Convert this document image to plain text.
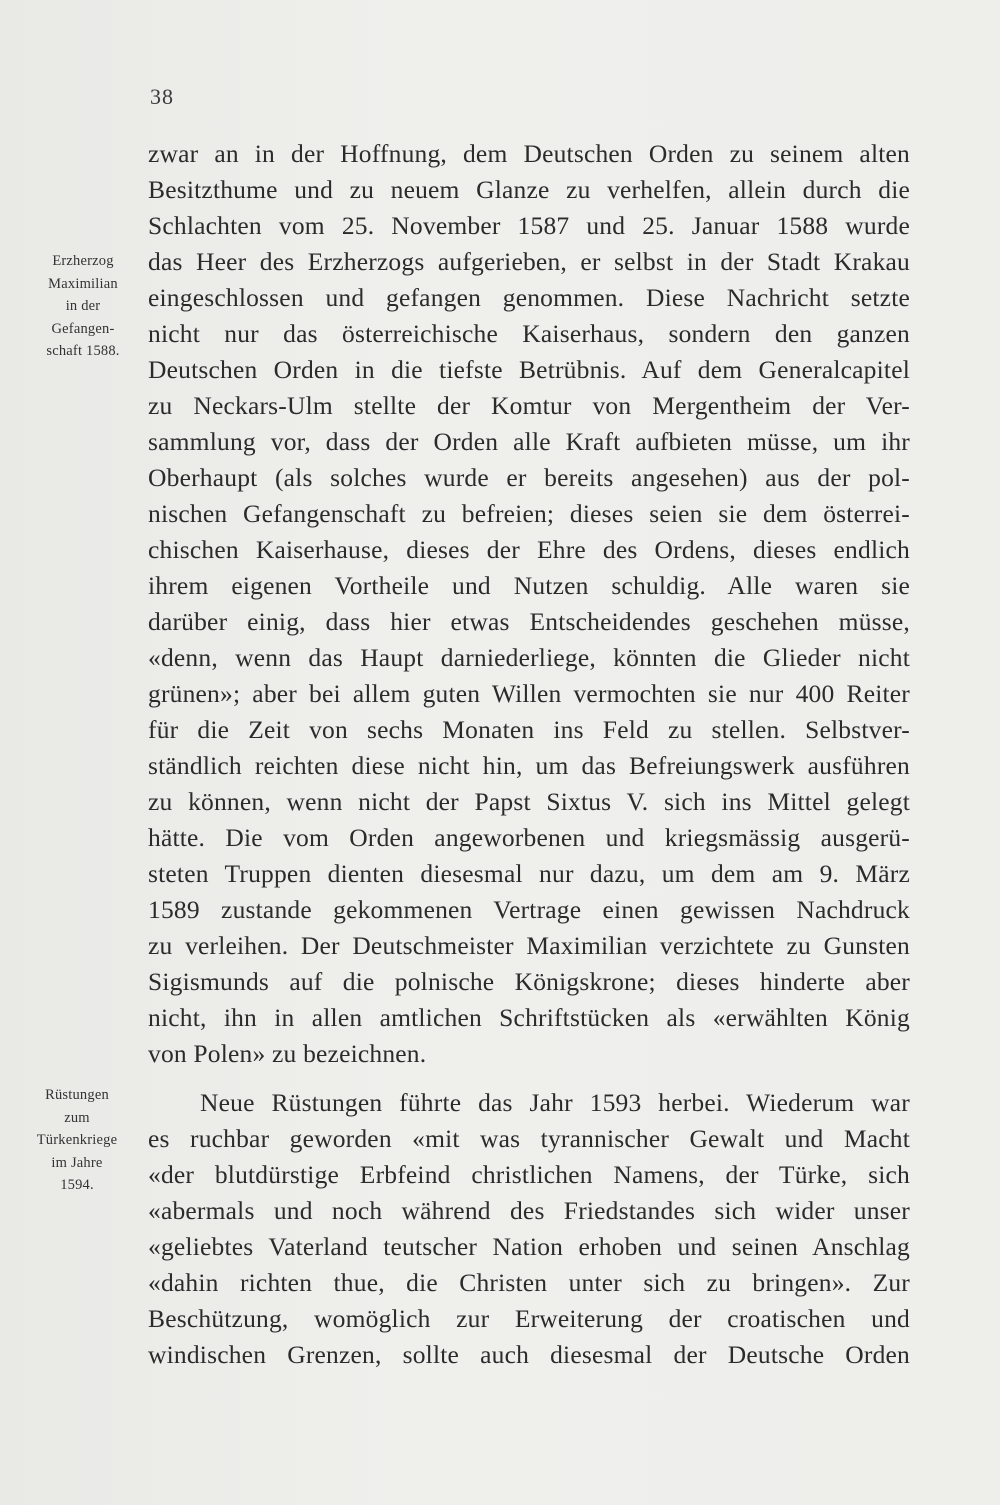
38
Erzherzog
Maximilian
in der
Gefangen-
schaft 1588.
Rüstungen
zum
Türkenkriege
im Jahre
1594.
zwar an in der Hoffnung, dem Deutschen Orden zu seinem alten
Besitzthume und zu neuem Glanze zu verhelfen, allein durch die
Schlachten vom 25. November 1587 und 25. Januar 1588 wurde
das Heer des Erzherzogs aufgerieben, er selbst in der Stadt Krakau
eingeschlossen und gefangen genommen. Diese Nachricht setzte
nicht nur das österreichische Kaiserhaus, sondern den ganzen
Deutschen Orden in die tiefste Betrübnis. Auf dem Generalcapitel
zu Neckars-Ulm stellte der Komtur von Mergentheim der Ver-
sammlung vor, dass der Orden alle Kraft aufbieten müsse, um ihr
Oberhaupt (als solches wurde er bereits angesehen) aus der pol-
nischen Gefangenschaft zu befreien; dieses seien sie dem österrei-
chischen Kaiserhause, dieses der Ehre des Ordens, dieses endlich
ihrem eigenen Vortheile und Nutzen schuldig. Alle waren sie
darüber einig, dass hier etwas Entscheidendes geschehen müsse,
«denn, wenn das Haupt darniederliege, könnten die Glieder nicht
grünen»; aber bei allem guten Willen vermochten sie nur 400 Reiter
für die Zeit von sechs Monaten ins Feld zu stellen. Selbstver-
ständlich reichten diese nicht hin, um das Befreiungswerk ausführen
zu können, wenn nicht der Papst Sixtus V. sich ins Mittel gelegt
hätte. Die vom Orden angeworbenen und kriegsmässig ausgerü-
steten Truppen dienten diesesmal nur dazu, um dem am 9. März
1589 zustande gekommenen Vertrage einen gewissen Nachdruck
zu verleihen. Der Deutschmeister Maximilian verzichtete zu Gunsten
Sigismunds auf die polnische Königskrone; dieses hinderte aber
nicht, ihn in allen amtlichen Schriftstücken als «erwählten König
von Polen» zu bezeichnen.
Neue Rüstungen führte das Jahr 1593 herbei. Wiederum war
es ruchbar geworden «mit was tyrannischer Gewalt und Macht
«der blutdürstige Erbfeind christlichen Namens, der Türke, sich
«abermals und noch während des Friedstandes sich wider unser
«geliebtes Vaterland teutscher Nation erhoben und seinen Anschlag
«dahin richten thue, die Christen unter sich zu bringen». Zur
Beschützung, womöglich zur Erweiterung der croatischen und
windischen Grenzen, sollte auch diesesmal der Deutsche Orden
